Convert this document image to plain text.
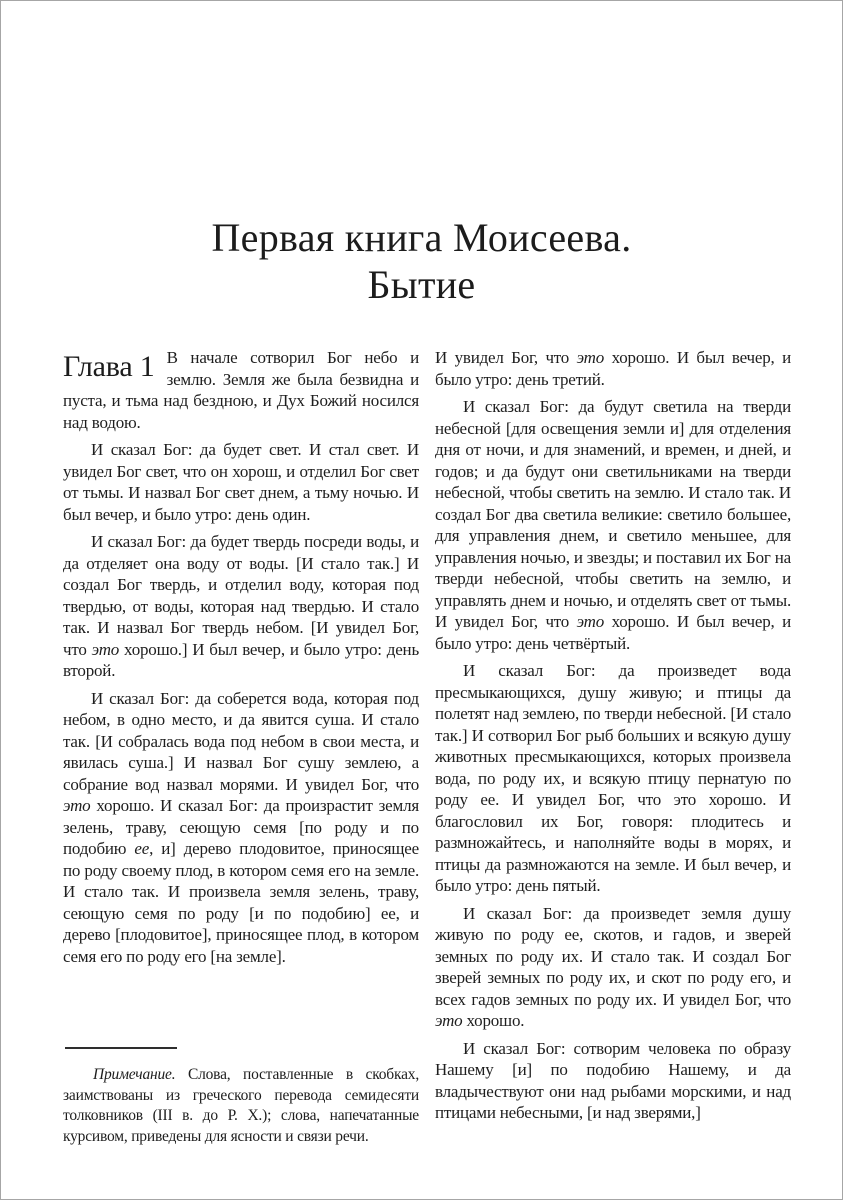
Первая книга Моисеева.
Бытие

Глава 1 В начале сотворил Бог небо и землю. Земля же была безвидна и пуста, и тьма над бездною, и Дух Божий носился над водою.

И сказал Бог: да будет свет. И стал свет. И увидел Бог свет, что он хорош, и отделил Бог свет от тьмы. И назвал Бог свет днем, а тьму ночью. И был вечер, и было утро: день один.

И сказал Бог: да будет твердь посреди воды, и да отделяет она воду от воды. [И стало так.] И создал Бог твердь, и отделил воду, которая под твердью, от воды, которая над твердью. И стало так. И назвал Бог твердь небом. [И увидел Бог, что это хорошо.] И был вечер, и было утро: день второй.

И сказал Бог: да соберется вода, которая под небом, в одно место, и да явится суша. И стало так. [И собралась вода под небом в свои места, и явилась суша.] И назвал Бог сушу землею, а собрание вод назвал морями. И увидел Бог, что это хорошо. И сказал Бог: да произрастит земля зелень, траву, сеющую семя [по роду и по подобию ее, и] дерево плодовитое, приносящее по роду своему плод, в котором семя его на земле. И стало так. И произвела земля зелень, траву, сеющую семя по роду [и по подобию] ее, и дерево [плодовитое], приносящее плод, в котором семя его по роду его [на земле].

Примечание. Слова, поставленные в скобках, заимствованы из греческого перевода семидесяти толковников (III в. до Р. Х.); слова, напечатанные курсивом, приведены для ясности и связи речи.

И увидел Бог, что это хорошо. И был вечер, и было утро: день третий.

И сказал Бог: да будут светила на тверди небесной [для освещения земли и] для отделения дня от ночи, и для знамений, и времен, и дней, и годов; и да будут они светильниками на тверди небесной, чтобы светить на землю. И стало так. И создал Бог два светила великие: светило большее, для управления днем, и светило меньшее, для управления ночью, и звезды; и поставил их Бог на тверди небесной, чтобы светить на землю, и управлять днем и ночью, и отделять свет от тьмы. И увидел Бог, что это хорошо. И был вечер, и было утро: день четвёртый.

И сказал Бог: да произведет вода пресмыкающихся, душу живую; и птицы да полетят над землею, по тверди небесной. [И стало так.] И сотворил Бог рыб больших и всякую душу животных пресмыкающихся, которых произвела вода, по роду их, и всякую птицу пернатую по роду ее. И увидел Бог, что это хорошо. И благословил их Бог, говоря: плодитесь и размножайтесь, и наполняйте воды в морях, и птицы да размножаются на земле. И был вечер, и было утро: день пятый.

И сказал Бог: да произведет земля душу живую по роду ее, скотов, и гадов, и зверей земных по роду их. И стало так. И создал Бог зверей земных по роду их, и скот по роду его, и всех гадов земных по роду их. И увидел Бог, что это хорошо.

И сказал Бог: сотворим человека по образу Нашему [и] по подобию Нашему, и да владычествуют они над рыбами морскими, и над птицами небесными, [и над зверями,]
